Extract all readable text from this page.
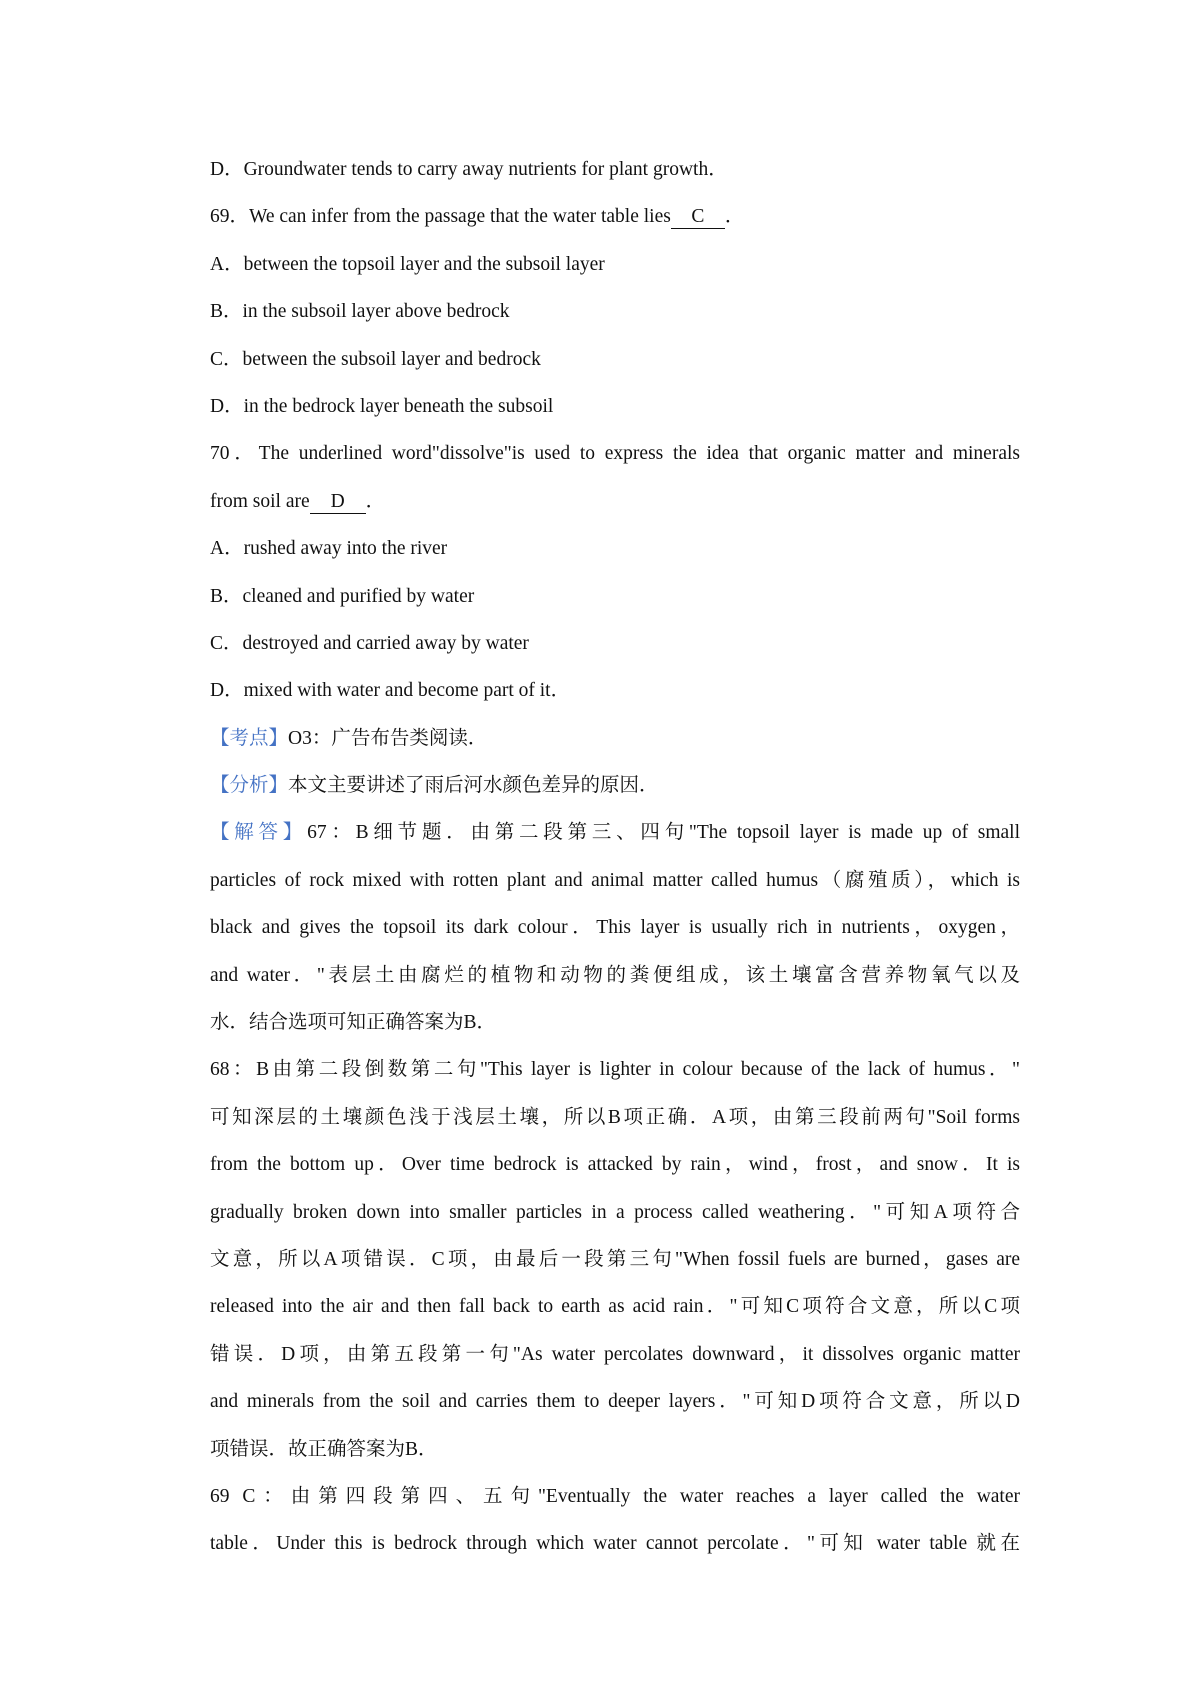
D．Groundwater tends to carry away nutrients for plant growth．
69．We can infer from the passage that the water table lies C ．
A．between the topsoil layer and the subsoil layer
B．in the subsoil layer above bedrock
C．between the subsoil layer and bedrock
D．in the bedrock layer beneath the subsoil
70．The underlined word"dissolve"is used to express the idea that organic matter and minerals
from soil are D ．
A．rushed away into the river
B．cleaned and purified by water
C．destroyed and carried away by water
D．mixed with water and become part of it．
【考点】O3：广告布告类阅读．
【分析】本文主要讲述了雨后河水颜色差异的原因．
【解答】67：B细节题．由第二段第三、四句"The topsoil layer is made up of small
particles of rock mixed with rotten plant and animal matter called humus（腐殖质），which is
black and gives the topsoil its dark colour．This layer is usually rich in nutrients，oxygen，
and water．"表层土由腐烂的植物和动物的粪便组成，该土壤富含营养物氧气以及
水．结合选项可知正确答案为B．
68：B由第二段倒数第二句"This layer is lighter in colour because of the lack of humus．"
可知深层的土壤颜色浅于浅层土壤，所以B项正确．A项，由第三段前两句"Soil forms
from the bottom up．Over time bedrock is attacked by rain，wind，frost，and snow．It is
gradually broken down into smaller particles in a process called weathering．"可知A项符合
文意，所以A项错误．C项，由最后一段第三句"When fossil fuels are burned，gases are
released into the air and then fall back to earth as acid rain．"可知C项符合文意，所以C项
错误．D项，由第五段第一句"As water percolates downward，it dissolves organic matter
and minerals from the soil and carries them to deeper layers．"可知D项符合文意，所以D
项错误．故正确答案为B．
69 C：由第四段第四、五句"Eventually the water reaches a layer called the water
table．Under this is bedrock through which water cannot percolate．"可知 water table 就在
